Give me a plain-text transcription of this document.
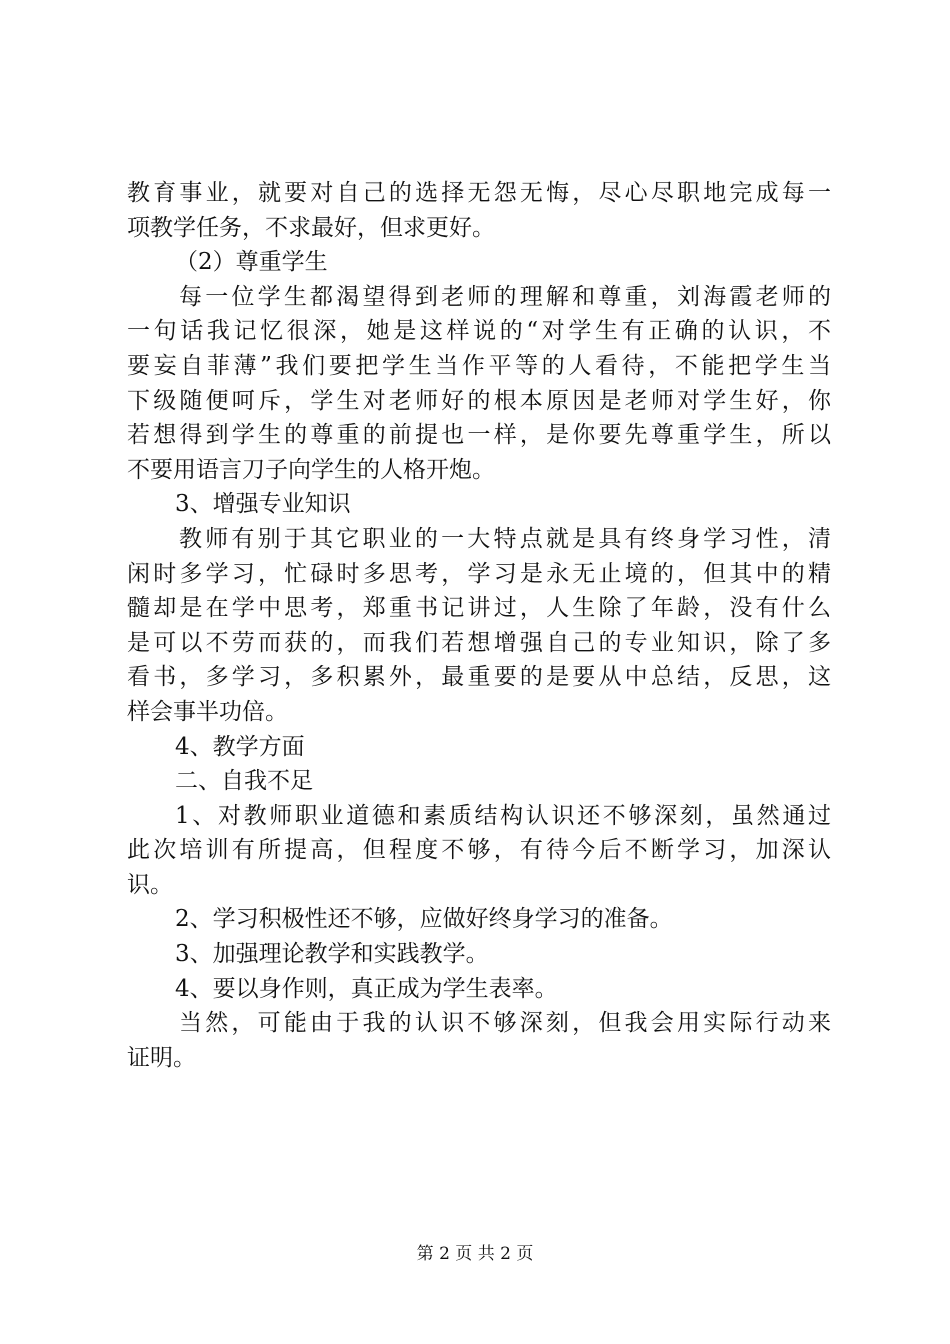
教育事业，就要对自己的选择无怨无悔，尽心尽职地完成每一
项教学任务，不求最好，但求更好。
（2）尊重学生
每一位学生都渴望得到老师的理解和尊重，刘海霞老师的
一句话我记忆很深，她是这样说的“对学生有正确的认识，不
要妄自菲薄”我们要把学生当作平等的人看待，不能把学生当
下级随便呵斥，学生对老师好的根本原因是老师对学生好，你
若想得到学生的尊重的前提也一样，是你要先尊重学生，所以
不要用语言刀子向学生的人格开炮。
3、增强专业知识
教师有别于其它职业的一大特点就是具有终身学习性，清
闲时多学习，忙碌时多思考，学习是永无止境的，但其中的精
髓却是在学中思考，郑重书记讲过，人生除了年龄，没有什么
是可以不劳而获的，而我们若想增强自己的专业知识，除了多
看书，多学习，多积累外，最重要的是要从中总结，反思，这
样会事半功倍。
4、教学方面
二、自我不足
1、对教师职业道德和素质结构认识还不够深刻，虽然通过
此次培训有所提高，但程度不够，有待今后不断学习，加深认
识。
2、学习积极性还不够，应做好终身学习的准备。
3、加强理论教学和实践教学。
4、要以身作则，真正成为学生表率。
当然，可能由于我的认识不够深刻，但我会用实际行动来
证明。
第 2 页 共 2 页
